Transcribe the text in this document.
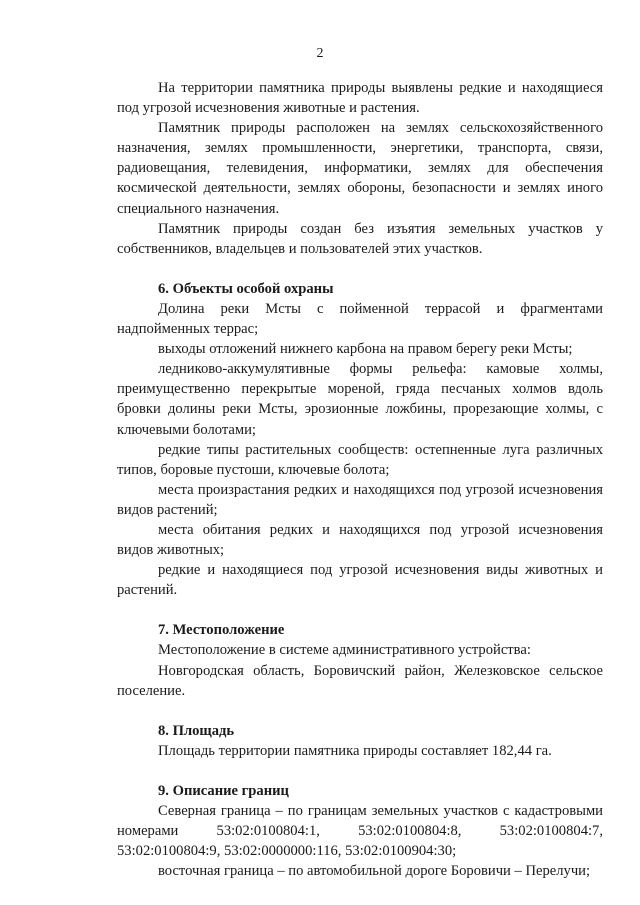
2

На территории памятника природы выявлены редкие и находящиеся под угрозой исчезновения животные и растения.

Памятник природы расположен на землях сельскохозяйственного назначения, землях промышленности, энергетики, транспорта, связи, радиовещания, телевидения, информатики, землях для обеспечения космической деятельности, землях обороны, безопасности и землях иного специального назначения.

Памятник природы создан без изъятия земельных участков у собственников, владельцев и пользователей этих участков.

6. Объекты особой охраны

Долина реки Мсты с пойменной террасой и фрагментами надпойменных террас;

выходы отложений нижнего карбона на правом берегу реки Мсты;

ледниково-аккумулятивные формы рельефа: камовые холмы, преимущественно перекрытые мореной, гряда песчаных холмов вдоль бровки долины реки Мсты, эрозионные ложбины, прорезающие холмы, с ключевыми болотами;

редкие типы растительных сообществ: остепненные луга различных типов, боровые пустоши, ключевые болота;

места произрастания редких и находящихся под угрозой исчезновения видов растений;

места обитания редких и находящихся под угрозой исчезновения видов животных;

редкие и находящиеся под угрозой исчезновения виды животных и растений.

7. Местоположение

Местоположение в системе административного устройства:

Новгородская область, Боровичский район, Железковское сельское поселение.

8. Площадь

Площадь территории памятника природы составляет 182,44 га.

9. Описание границ

Северная граница – по границам земельных участков с кадастровыми номерами 53:02:0100804:1, 53:02:0100804:8, 53:02:0100804:7, 53:02:0100804:9, 53:02:0000000:116, 53:02:0100904:30;

восточная граница – по автомобильной дороге Боровичи – Перелучи;
